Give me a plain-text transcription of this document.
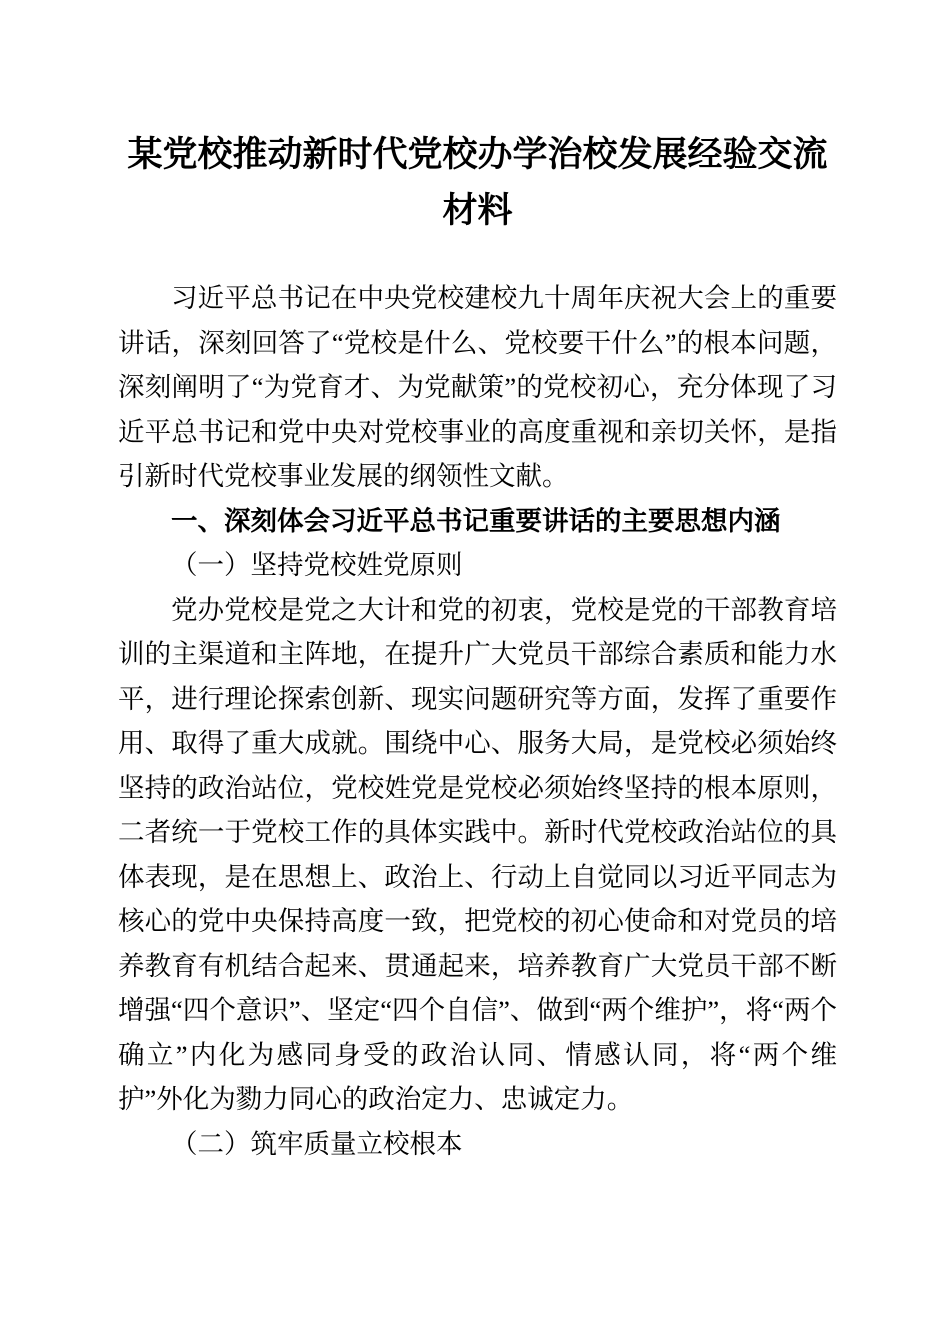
某党校推动新时代党校办学治校发展经验交流
材料

习近平总书记在中央党校建校九十周年庆祝大会上的重要讲话，深刻回答了“党校是什么、党校要干什么”的根本问题，深刻阐明了“为党育才、为党献策”的党校初心，充分体现了习近平总书记和党中央对党校事业的高度重视和亲切关怀，是指引新时代党校事业发展的纲领性文献。

一、深刻体会习近平总书记重要讲话的主要思想内涵
（一）坚持党校姓党原则

党办党校是党之大计和党的初衷，党校是党的干部教育培训的主渠道和主阵地，在提升广大党员干部综合素质和能力水平，进行理论探索创新、现实问题研究等方面，发挥了重要作用、取得了重大成就。围绕中心、服务大局，是党校必须始终坚持的政治站位，党校姓党是党校必须始终坚持的根本原则，二者统一于党校工作的具体实践中。新时代党校政治站位的具体表现，是在思想上、政治上、行动上自觉同以习近平同志为核心的党中央保持高度一致，把党校的初心使命和对党员的培养教育有机结合起来、贯通起来，培养教育广大党员干部不断增强“四个意识”、坚定“四个自信”、做到“两个维护”，将“两个确立”内化为感同身受的政治认同、情感认同，将“两个维护”外化为勠力同心的政治定力、忠诚定力。

（二）筑牢质量立校根本
